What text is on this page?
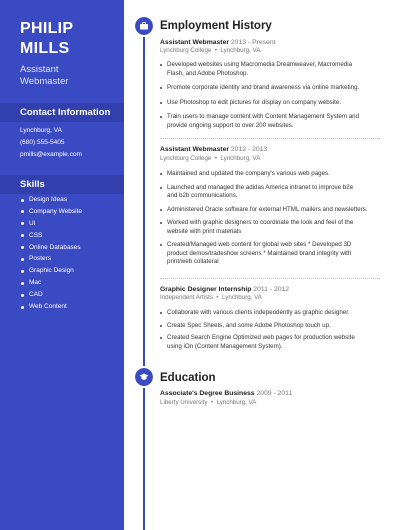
PHILIP
MILLS
Assistant
Webmaster
Contact Information
Lynchburg, VA
(680) 555-5405
pmills@example.com
Skills
Design Ideas
Company Website
UI
CSS
Online Databases
Posters
Graphic Design
Mac
CAD
Web Content
Employment History
Assistant Webmaster 2013 - Present
Lynchburg College  •  Lynchburg, VA
Developed websites using Macromedia Dreamweaver, Macromedia
Flash, and Adobe Photoshop.
Promote corporate identity and brand awareness via online marketing.
Use Photoshop to edit pictures for display on company website.
Train users to manage content with Content Management System and
provide ongoing support to over 200 websites.
Assistant Webmaster 2012 - 2013
Lynchburg College  •  Lynchburg, VA
Maintained and updated the company's various web pages.
Launched and managed the adidas America intranet to improve b2e
and b2b communications.
Administered Oracle software for external HTML mailers and newsletters.
Worked with graphic designers to coordinate the look and feel of the
website with print materials
Created/Managed web content for global web sites * Developed 3D
product demos/tradeshow screens * Maintained brand integrity with
print/web collateral
Graphic Designer Internship 2011 - 2012
Independent Artists  •  Lynchburg, VA
Collaborate with various clients independently as graphic designer.
Create Spec Sheets, and some Adobe Photoshop touch up.
Created Search Engine Optimized web pages for production website
using iOn (Content Management System).
Education
Associate's Degree Business 2009 - 2011
Liberty University  •  Lynchburg, VA
